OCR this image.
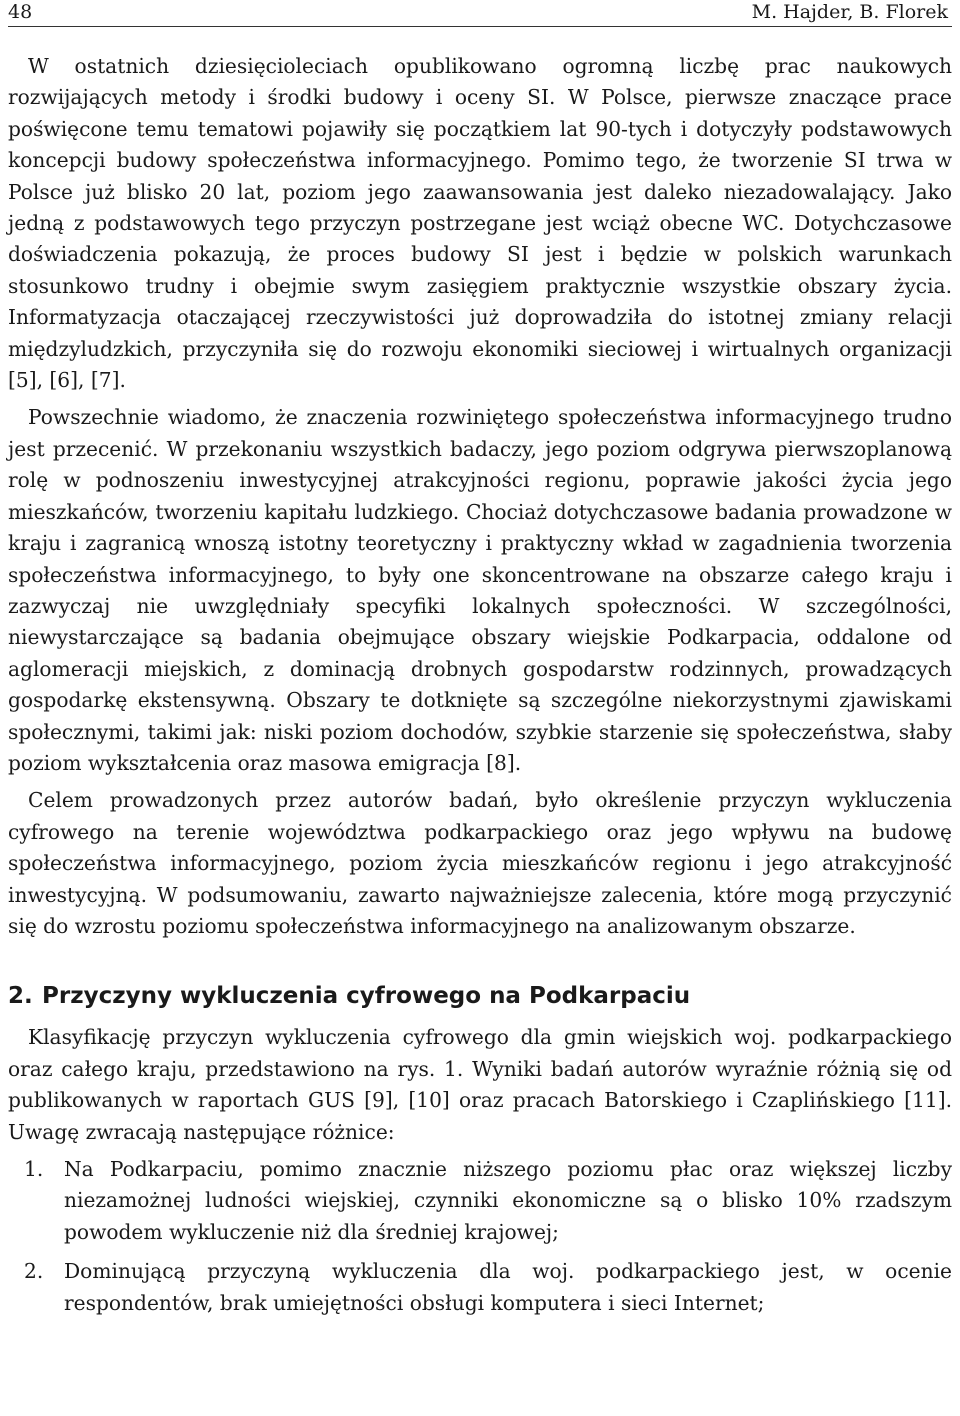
48	M. Hajder, B. Florek

W ostatnich dziesięcioleciach opublikowano ogromną liczbę prac naukowych rozwijających metody i środki budowy i oceny SI. W Polsce, pierwsze znaczące prace poświęcone temu tematowi pojawiły się początkiem lat 90-tych i dotyczyły podstawowych koncepcji budowy społeczeństwa informacyjnego. Pomimo tego, że tworzenie SI trwa w Polsce już blisko 20 lat, poziom jego zaawansowania jest daleko niezadowalający. Jako jedną z podstawowych tego przyczyn postrzegane jest wciąż obecne WC. Dotychczasowe doświadczenia pokazują, że proces budowy SI jest i będzie w polskich warunkach stosunkowo trudny i obejmie swym zasięgiem praktycznie wszystkie obszary życia. Informatyzacja otaczającej rzeczywistości już doprowadziła do istotnej zmiany relacji międzyludzkich, przyczyniła się do rozwoju ekonomiki sieciowej i wirtualnych organizacji [5], [6], [7].

Powszechnie wiadomo, że znaczenia rozwiniętego społeczeństwa informacyjnego trudno jest przecenić. W przekonaniu wszystkich badaczy, jego poziom odgrywa pierwszoplanową rolę w podnoszeniu inwestycyjnej atrakcyjności regionu, poprawie jakości życia jego mieszkańców, tworzeniu kapitału ludzkiego. Chociaż dotychczasowe badania prowadzone w kraju i zagranicą wnoszą istotny teoretyczny i praktyczny wkład w zagadnienia tworzenia społeczeństwa informacyjnego, to były one skoncentrowane na obszarze całego kraju i zazwyczaj nie uwzględniały specyfiki lokalnych społeczności. W szczególności, niewystarczające są badania obejmujące obszary wiejskie Podkarpacia, oddalone od aglomeracji miejskich, z dominacją drobnych gospodarstw rodzinnych, prowadzących gospodarkę ekstensywną. Obszary te dotknięte są szczególne niekorzystnymi zjawiskami społecznymi, takimi jak: niski poziom dochodów, szybkie starzenie się społeczeństwa, słaby poziom wykształcenia oraz masowa emigracja [8].

Celem prowadzonych przez autorów badań, było określenie przyczyn wykluczenia cyfrowego na terenie województwa podkarpackiego oraz jego wpływu na budowę społeczeństwa informacyjnego, poziom życia mieszkańców regionu i jego atrakcyjność inwestycyjną. W podsumowaniu, zawarto najważniejsze zalecenia, które mogą przyczynić się do wzrostu poziomu społeczeństwa informacyjnego na analizowanym obszarze.

2. Przyczyny wykluczenia cyfrowego na Podkarpaciu

Klasyfikację przyczyn wykluczenia cyfrowego dla gmin wiejskich woj. podkarpackiego oraz całego kraju, przedstawiono na rys. 1. Wyniki badań autorów wyraźnie różnią się od publikowanych w raportach GUS [9], [10] oraz pracach Batorskiego i Czaplińskiego [11]. Uwagę zwracają następujące różnice:

1. Na Podkarpaciu, pomimo znacznie niższego poziomu płac oraz większej liczby niezamożnej ludności wiejskiej, czynniki ekonomiczne są o blisko 10% rzadszym powodem wykluczenie niż dla średniej krajowej;
2. Dominującą przyczyną wykluczenia dla woj. podkarpackiego jest, w ocenie respondentów, brak umiejętności obsługi komputera i sieci Internet;
